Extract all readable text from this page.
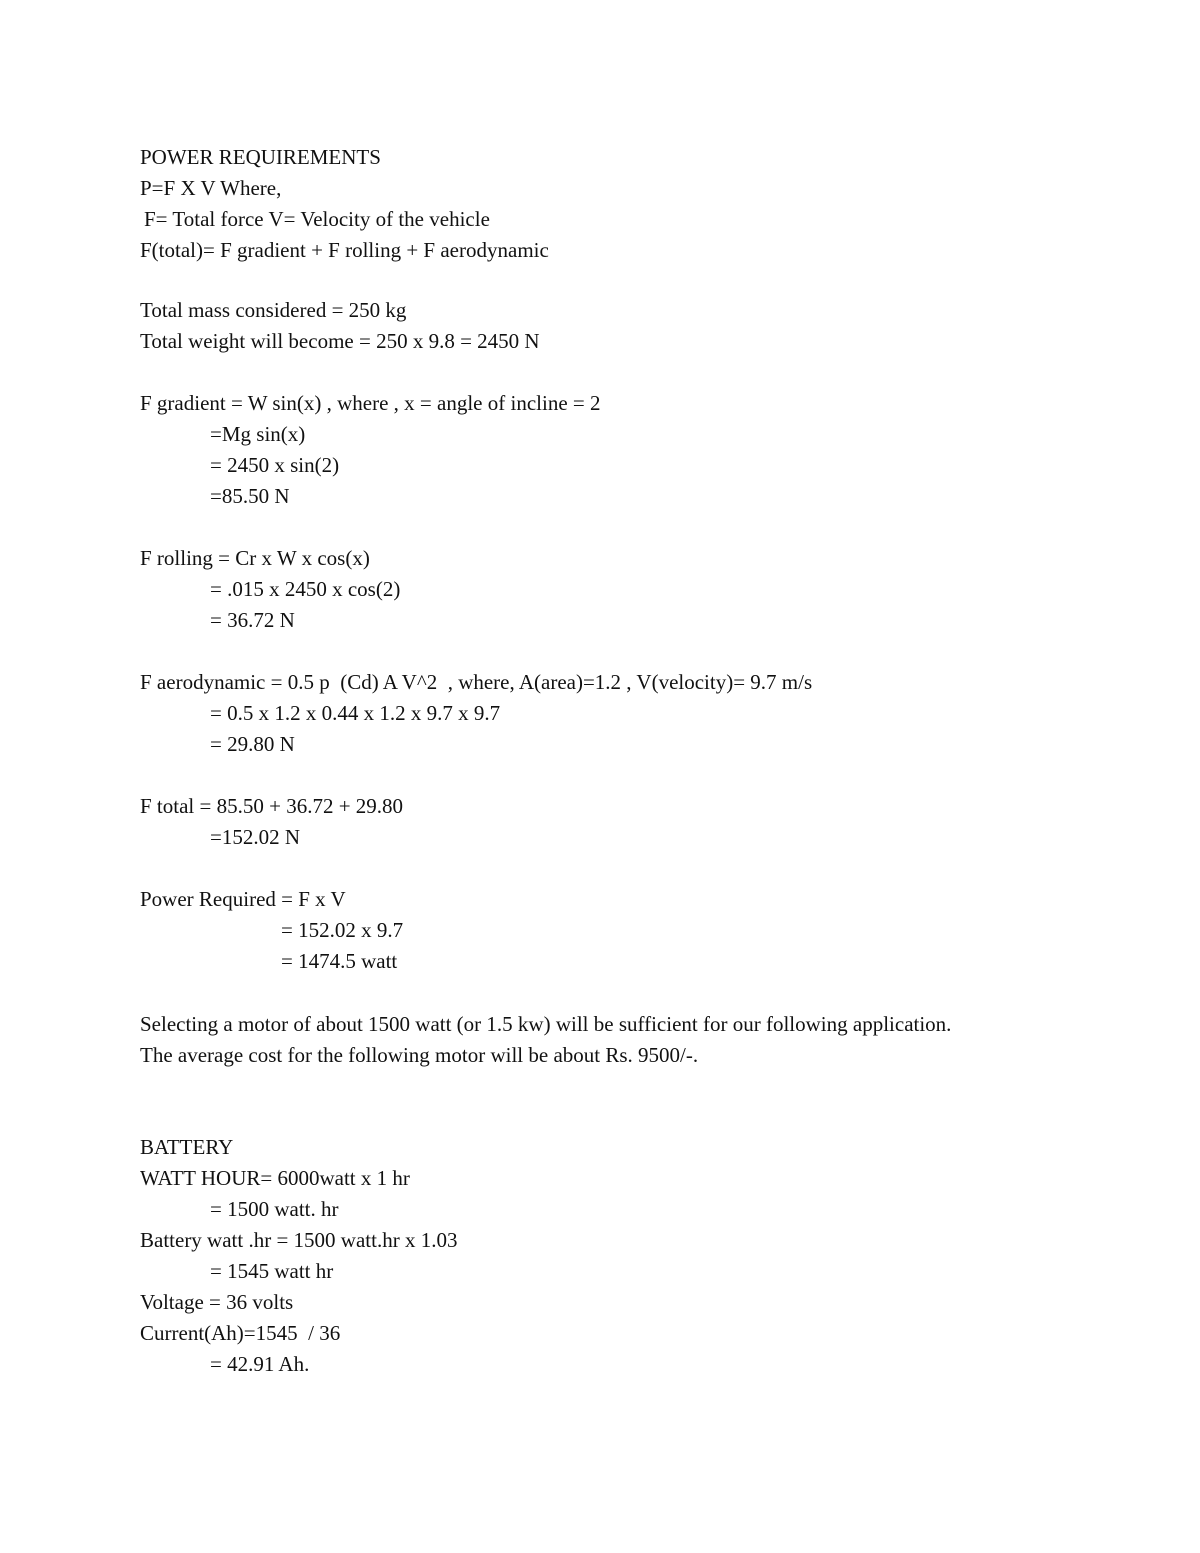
POWER REQUIREMENTS
P=F X V Where,
F= Total force V= Velocity of the vehicle
F(total)= F gradient + F rolling + F aerodynamic
Total mass considered = 250 kg
Total weight will become = 250 x 9.8 = 2450 N
F gradient = W sin(x) , where , x = angle of incline = 2
=Mg sin(x)
= 2450 x sin(2)
=85.50 N
F rolling = Cr x W x cos(x)
= .015 x 2450 x cos(2)
= 36.72 N
F aerodynamic = 0.5 p  (Cd) A V^2  , where, A(area)=1.2 , V(velocity)= 9.7 m/s
= 0.5 x 1.2 x 0.44 x 1.2 x 9.7 x 9.7
= 29.80 N
F total = 85.50 + 36.72 + 29.80
=152.02 N
Power Required = F x V
= 152.02 x 9.7
= 1474.5 watt
Selecting a motor of about 1500 watt (or 1.5 kw) will be sufficient for our following application.
The average cost for the following motor will be about Rs. 9500/-.
BATTERY
WATT HOUR= 6000watt x 1 hr
= 1500 watt. hr
Battery watt .hr = 1500 watt.hr x 1.03
= 1545 watt hr
Voltage = 36 volts
Current(Ah)=1545  / 36
= 42.91 Ah.
